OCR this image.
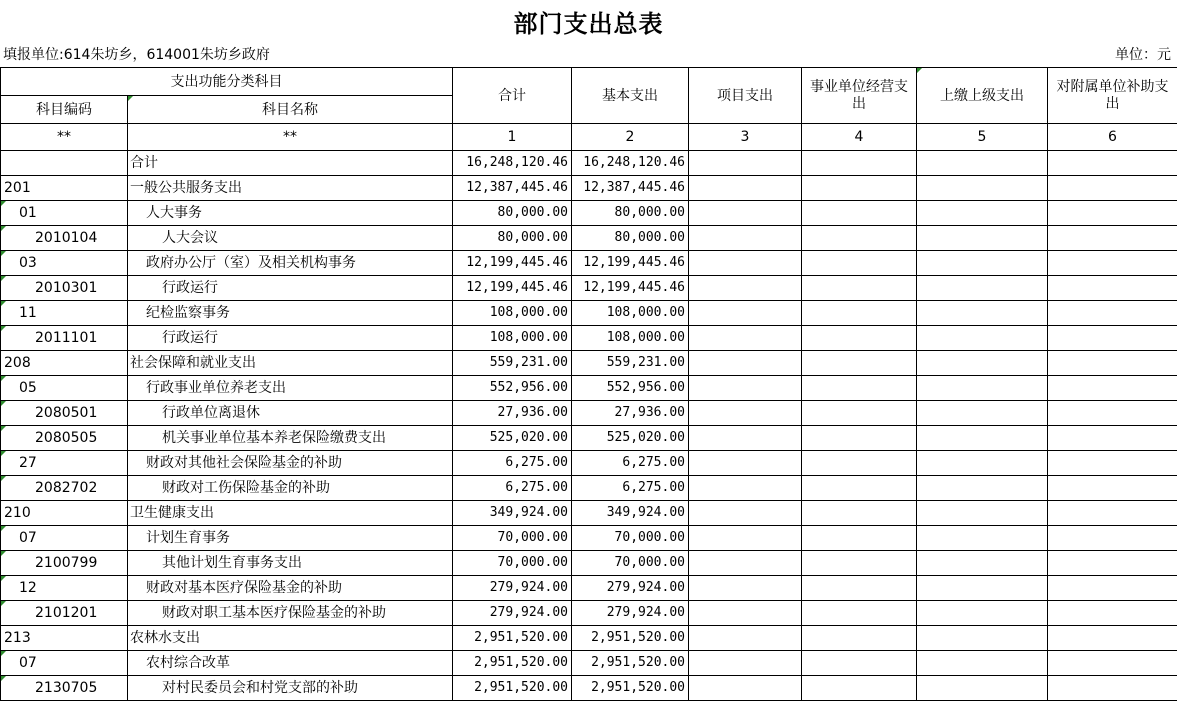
部门支出总表
填报单位:614朱坊乡，614001朱坊乡政府	单位：元
支出功能分类科目		合计	基本支出	项目支出	事业单位经营支出	上缴上级支出	对附属单位补助支出
科目编码	科目名称						
**	**	1	2	3	4	5	6
	合计	16,248,120.46	16,248,120.46				
201	一般公共服务支出	12,387,445.46	12,387,445.46				
01	人大事务	80,000.00	80,000.00				
2010104	人大会议	80,000.00	80,000.00				
03	政府办公厅（室）及相关机构事务	12,199,445.46	12,199,445.46				
2010301	行政运行	12,199,445.46	12,199,445.46				
11	纪检监察事务	108,000.00	108,000.00				
2011101	行政运行	108,000.00	108,000.00				
208	社会保障和就业支出	559,231.00	559,231.00				
05	行政事业单位养老支出	552,956.00	552,956.00				
2080501	行政单位离退休	27,936.00	27,936.00				
2080505	机关事业单位基本养老保险缴费支出	525,020.00	525,020.00				
27	财政对其他社会保险基金的补助	6,275.00	6,275.00				
2082702	财政对工伤保险基金的补助	6,275.00	6,275.00				
210	卫生健康支出	349,924.00	349,924.00				
07	计划生育事务	70,000.00	70,000.00				
2100799	其他计划生育事务支出	70,000.00	70,000.00				
12	财政对基本医疗保险基金的补助	279,924.00	279,924.00				
2101201	财政对职工基本医疗保险基金的补助	279,924.00	279,924.00				
213	农林水支出	2,951,520.00	2,951,520.00				
07	农村综合改革	2,951,520.00	2,951,520.00				
2130705	对村民委员会和村党支部的补助	2,951,520.00	2,951,520.00				
